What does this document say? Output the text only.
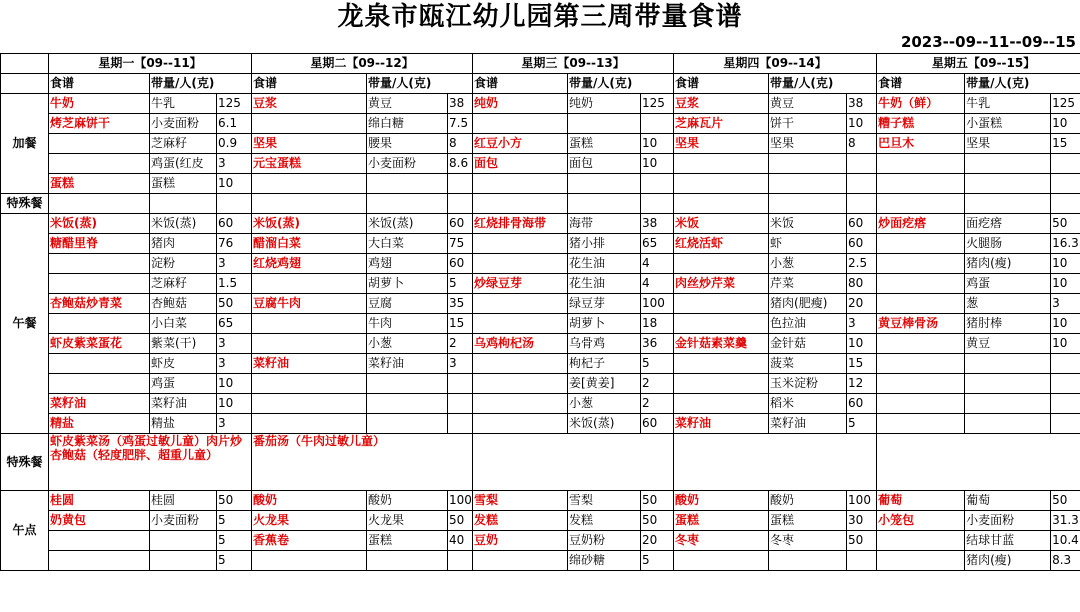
龙泉市瓯江幼儿园第三周带量食谱
2023--09--11--09--15
	星期一【09--11】			星期二【09--12】			星期三【09--13】			星期四【09--14】			星期五【09--15】		
	食谱	带量/人(克)		食谱	带量/人(克)		食谱	带量/人(克)		食谱	带量/人(克)		食谱	带量/人(克)	
加餐	牛奶	牛乳	125	豆浆	黄豆	38	纯奶	纯奶	125	豆浆	黄豆	38	牛奶（鲜）	牛乳	125
	烤芝麻饼干	小麦面粉	6.1		绵白糖	7.5				芝麻瓦片	饼干	10	糟子糕	小蛋糕	10
		芝麻籽	0.9	坚果	腰果	8	红豆小方	蛋糕	10	坚果	坚果	8	巴旦木	坚果	15
		鸡蛋(红皮	3	元宝蛋糕	小麦面粉	8.6	面包	面包	10						
	蛋糕	蛋糕	10												
特殊餐															
午餐	米饭(蒸)	米饭(蒸)	60	米饭(蒸)	米饭(蒸)	60	红烧排骨海带	海带	38	米饭	米饭	60	炒面疙瘩	面疙瘩	50
	糖醋里脊	猪肉	76	醋溜白菜	大白菜	75		猪小排	65	红烧活虾	虾	60		火腿肠	16.3
		淀粉	3	红烧鸡翅	鸡翅	60		花生油	4		小葱	2.5		猪肉(瘦)	10
		芝麻籽	1.5		胡萝卜	5	炒绿豆芽	花生油	4	肉丝炒芹菜	芹菜	80		鸡蛋	10
	杏鲍菇炒青菜	杏鲍菇	50	豆腐牛肉	豆腐	35		绿豆芽	100		猪肉(肥瘦)	20		葱	3
		小白菜	65		牛肉	15		胡萝卜	18		色拉油	3	黄豆棒骨汤	猪肘棒	10
	虾皮紫菜蛋花	紫菜(干)	3		小葱	2	乌鸡枸杞汤	乌骨鸡	36	金针菇素菜羹	金针菇	10		黄豆	10
		虾皮	3	菜籽油	菜籽油	3		枸杞子	5		菠菜	15			
		鸡蛋	10					姜[黄姜]	2		玉米淀粉	12			
	菜籽油	菜籽油	10					小葱	2		稻米	60			
	精盐	精盐	3					米饭(蒸)	60	菜籽油	菜籽油	5			
特殊餐	虾皮紫菜汤（鸡蛋过敏儿童）肉片炒杏鲍菇（轻度肥胖、超重儿童）			番茄汤（牛肉过敏儿童）											
午点	桂圆	桂圆	50	酸奶	酸奶	100	雪梨	雪梨	50	酸奶	酸奶	100	葡萄	葡萄	50
	奶黄包	小麦面粉	5	火龙果	火龙果	50	发糕	发糕	50	蛋糕	蛋糕	30	小笼包	小麦面粉	31.3
			5	香蕉卷	蛋糕	40	豆奶	豆奶粉	20	冬枣	冬枣	50		结球甘蓝	10.4
			5					绵砂糖	5					猪肉(瘦)	8.3
